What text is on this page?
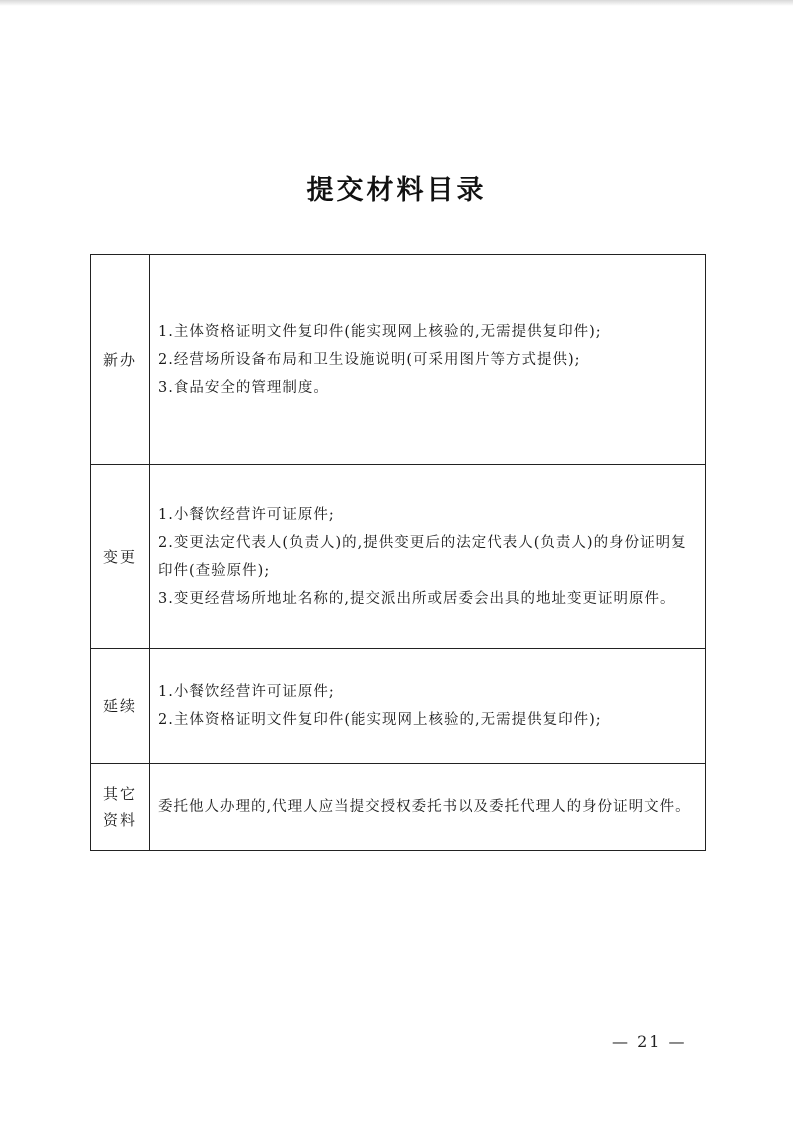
提交材料目录
新办	1.主体资格证明文件复印件(能实现网上核验的,无需提供复印件);
2.经营场所设备布局和卫生设施说明(可采用图片等方式提供);
3.食品安全的管理制度。

变更	1.小餐饮经营许可证原件;
2.变更法定代表人(负责人)的,提供变更后的法定代表人(负责人)的身份证明复印件(查验原件);
3.变更经营场所地址名称的,提交派出所或居委会出具的地址变更证明原件。

延续	1.小餐饮经营许可证原件;
2.主体资格证明文件复印件(能实现网上核验的,无需提供复印件);

其它
资料	委托他人办理的,代理人应当提交授权委托书以及委托代理人的身份证明文件。
— 21 —
